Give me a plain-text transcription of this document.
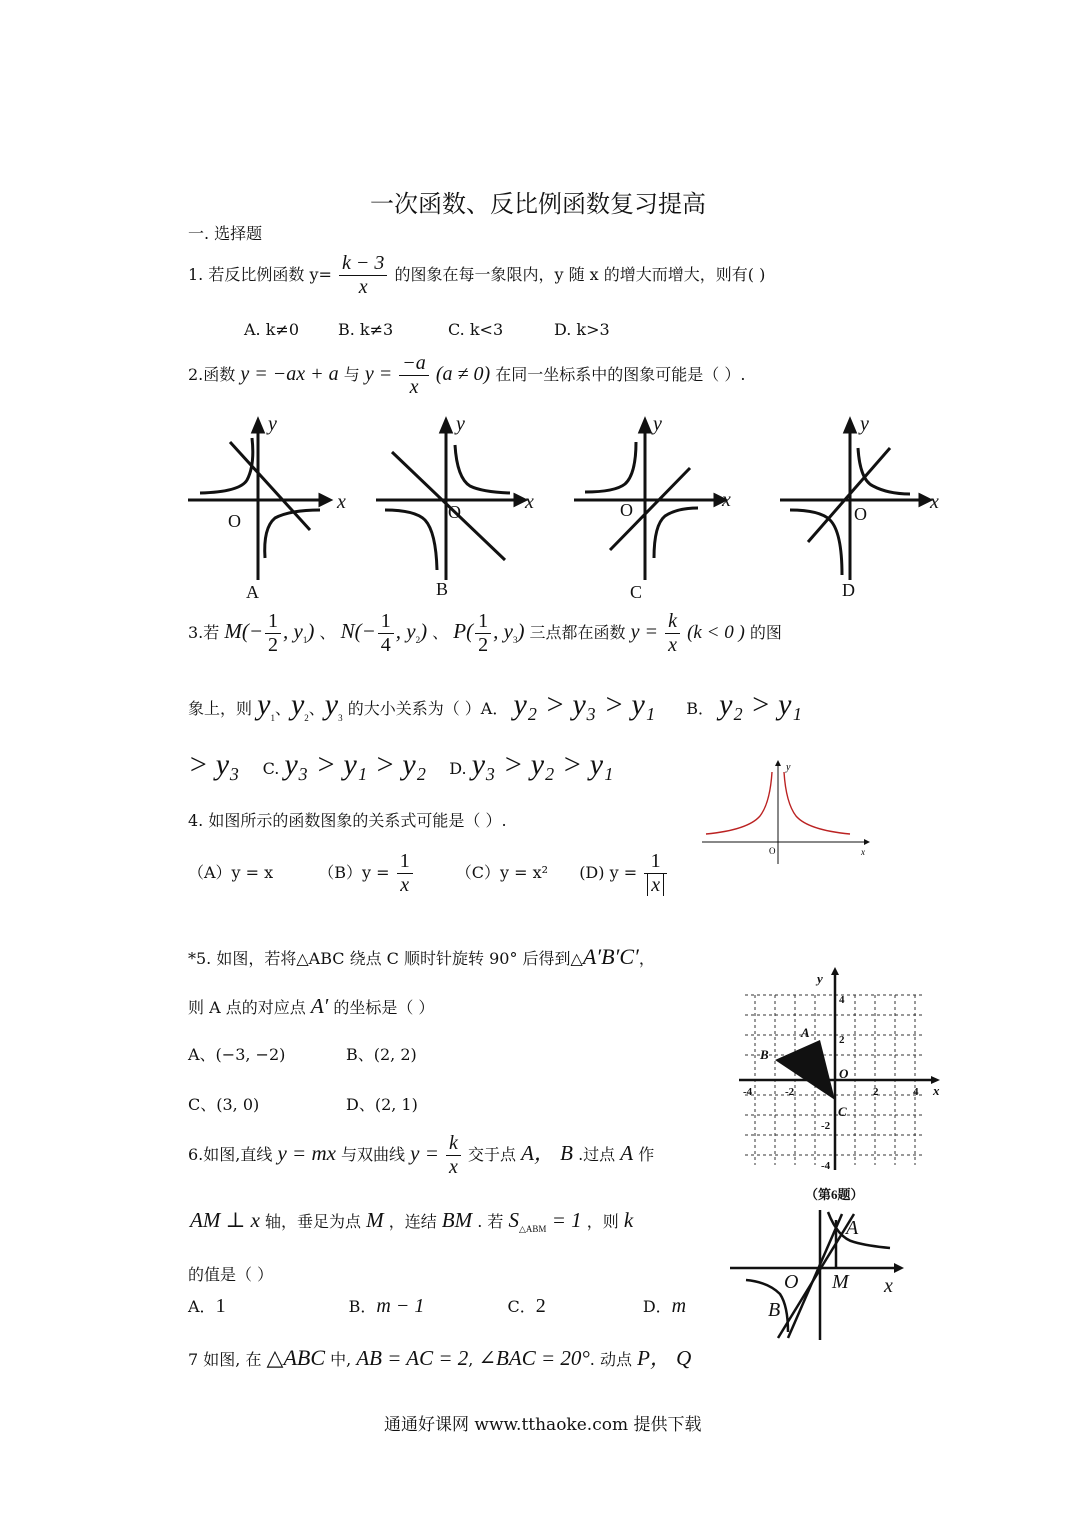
一次函数、反比例函数复习提高
一. 选择题
1. 若反比例函数 $y= \frac{k - 3}{x}$ 的图象在每一象限内，y 随 x 的增大而增大，则有( )
A. k≠0 B. k≠3	C. k<3	D. k>3
2.函数 y = −ax + a 与 $y = \frac{-a}{x} (a \ne 0)$ 在同一坐标系中的图象可能是（ ）.
y
x
O
A
y
x
O
B
y
x
O
C
y
x
O
D
3.若 $M(- \frac{1}{2}$ , $y_1$) 、 $N(- \frac{1}{4}$ , $y_2$) 、 $P( \frac{1}{2}$ , $y_3$) 三点都在函数 $y = \frac{k}{x} (k < 0$ ) 的图
象上，则 $y_1$、$y_2$、$y_3$ 的大小关系为（ ）A． y₂ > y₃ > y₁ B． y₂ > y₁
> y₃ C. y₃ > y₁ > y₂ D. y₃ > y₂ > y₁
4. 如图所示的函数图象的关系式可能是（ ）.
y
x
O
（A）y = x	$(B)y = \frac{1}{x}$	（C）y = x² (D) $y = \frac{1}{x}$
*5. 如图，若将△ABC 绕点 C 顺时针旋转 90° 后得到△A′B′C′，
则 A 点的对应点 A′ 的坐标是（ ）
A、(−3, −2)	B、(2, 2)
C、(3, 0)	D、(2, 1)
y
x
A
B
C
O
4
2
-2
-4	-2	2	4
-4
（第6题）
6.如图,直线 y = mx 与双曲线 $y = \frac{k}{x}$ 交于点 A， B .过点 A 作
AM ⊥ x 轴，垂足为点 M ，连结 BM . 若 $S_{\triangle ABM} = 1$ ，则 k
的值是（ ）
A．1	B．m − 1	C．2	D．m
A
B
O M x
7 如图, 在 △ABC 中, AB = AC = 2, ∠BAC = 20°. 动点 P， Q
通通好课网 www.tthaoke.com 提供下载
